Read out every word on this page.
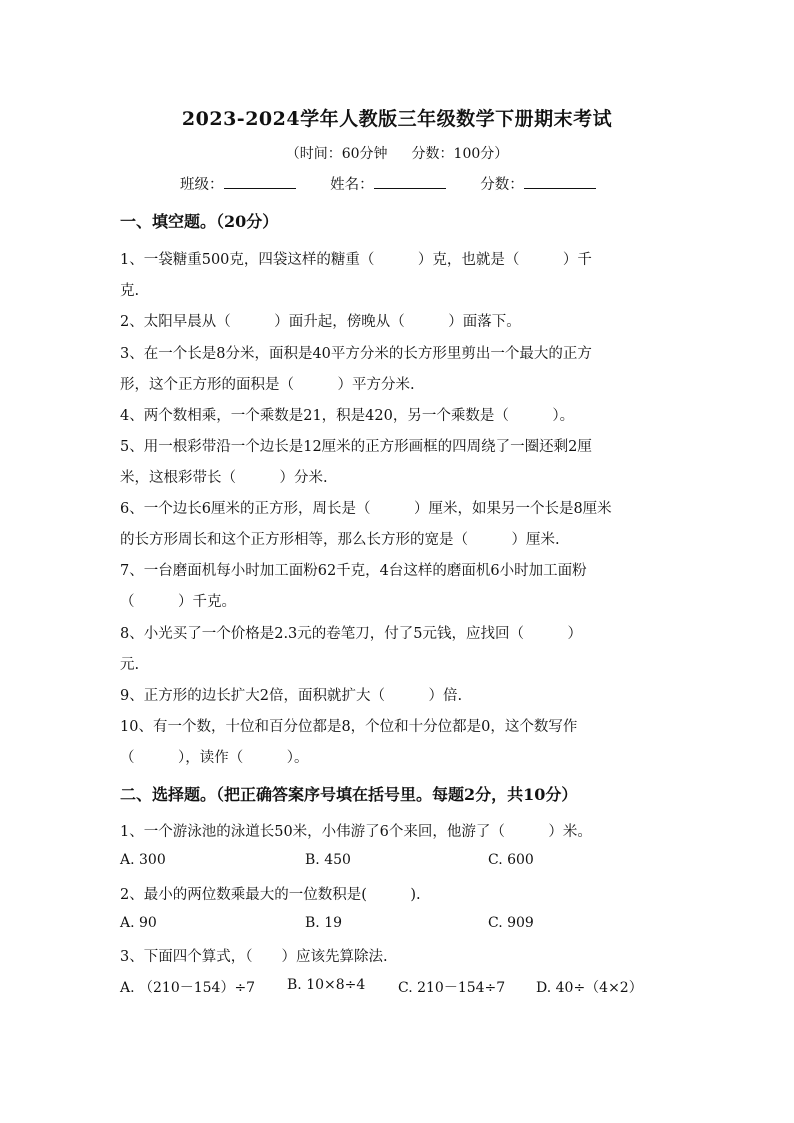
2023-2024学年人教版三年级数学下册期末考试
（时间：60分钟 分数：100分）
班级：	姓名：	分数：
一、填空题。（20分）
1、一袋糖重500克，四袋这样的糖重（　　　）克，也就是（　　　）千
克.
2、太阳早晨从（　　　）面升起，傍晚从（　　　）面落下。
3、在一个长是8分米，面积是40平方分米的长方形里剪出一个最大的正方
形，这个正方形的面积是（　　　）平方分米.
4、两个数相乘，一个乘数是21，积是420，另一个乘数是（　　　）。
5、用一根彩带沿一个边长是12厘米的正方形画框的四周绕了一圈还剩2厘
米，这根彩带长（　　　）分米.
6、一个边长6厘米的正方形，周长是（　　　）厘米，如果另一个长是8厘米
的长方形周长和这个正方形相等，那么长方形的宽是（　　　）厘米.
7、一台磨面机每小时加工面粉62千克，4台这样的磨面机6小时加工面粉
（　　　）千克。
8、小光买了一个价格是2.3元的卷笔刀，付了5元钱，应找回（　　　）
元.
9、正方形的边长扩大2倍，面积就扩大（　　　）倍.
10、有一个数，十位和百分位都是8，个位和十分位都是0，这个数写作
（　　　），读作（　　　）。
二、选择题。（把正确答案序号填在括号里。每题2分，共10分）
1、一个游泳池的泳道长50米，小伟游了6个来回，他游了（　　　）米。
A. 300	B. 450	C. 600
2、最小的两位数乘最大的一位数积是(　　　).
A. 90	B. 19	C. 909
3、下面四个算式，（　　）应该先算除法.
A. （210－154）÷7 B. 10×8÷4 C. 210－154÷7 D. 40÷（4×2）
